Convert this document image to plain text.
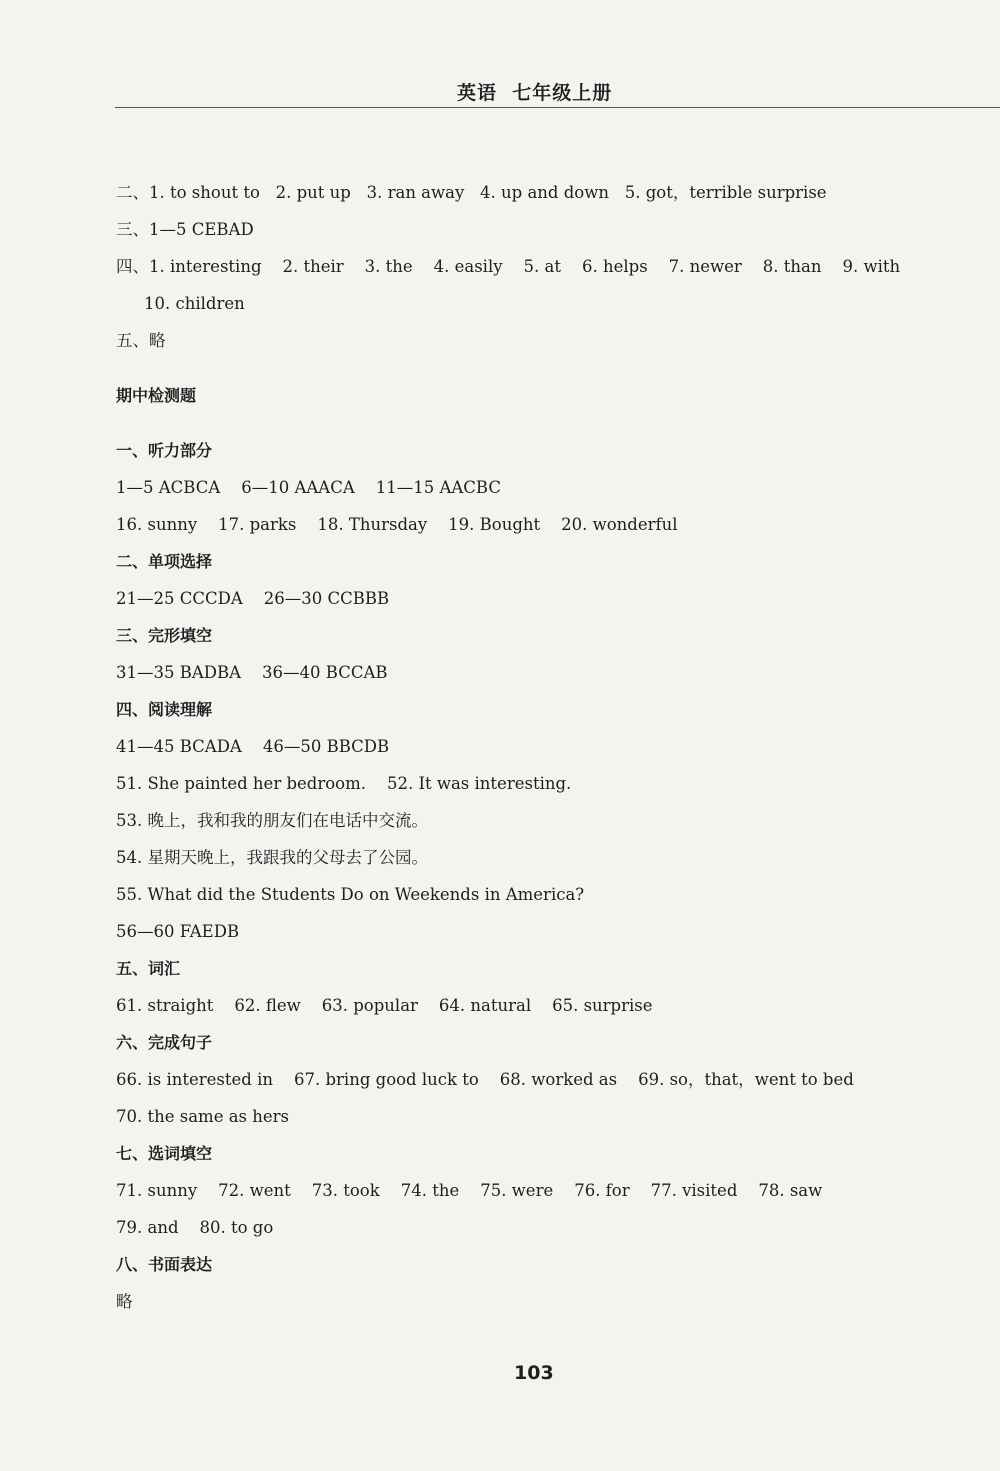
英语  七年级上册
二、1. to shout to   2. put up   3. ran away   4. up and down   5. got，terrible surprise
三、1—5 CEBAD
四、1. interesting    2. their    3. the    4. easily    5. at    6. helps    7. newer    8. than    9. with
10. children
五、略
期中检测题
一、听力部分
1—5 ACBCA    6—10 AAACA    11—15 AACBC
16. sunny    17. parks    18. Thursday    19. Bought    20. wonderful
二、单项选择
21—25 CCCDA    26—30 CCBBB
三、完形填空
31—35 BADBA    36—40 BCCAB
四、阅读理解
41—45 BCADA    46—50 BBCDB
51. She painted her bedroom.    52. It was interesting.
53. 晚上，我和我的朋友们在电话中交流。
54. 星期天晚上，我跟我的父母去了公园。
55. What did the Students Do on Weekends in America?
56—60 FAEDB
五、词汇
61. straight    62. flew    63. popular    64. natural    65. surprise
六、完成句子
66. is interested in    67. bring good luck to    68. worked as    69. so，that，went to bed
70. the same as hers
七、选词填空
71. sunny    72. went    73. took    74. the    75. were    76. for    77. visited    78. saw
79. and    80. to go
八、书面表达
略
103
